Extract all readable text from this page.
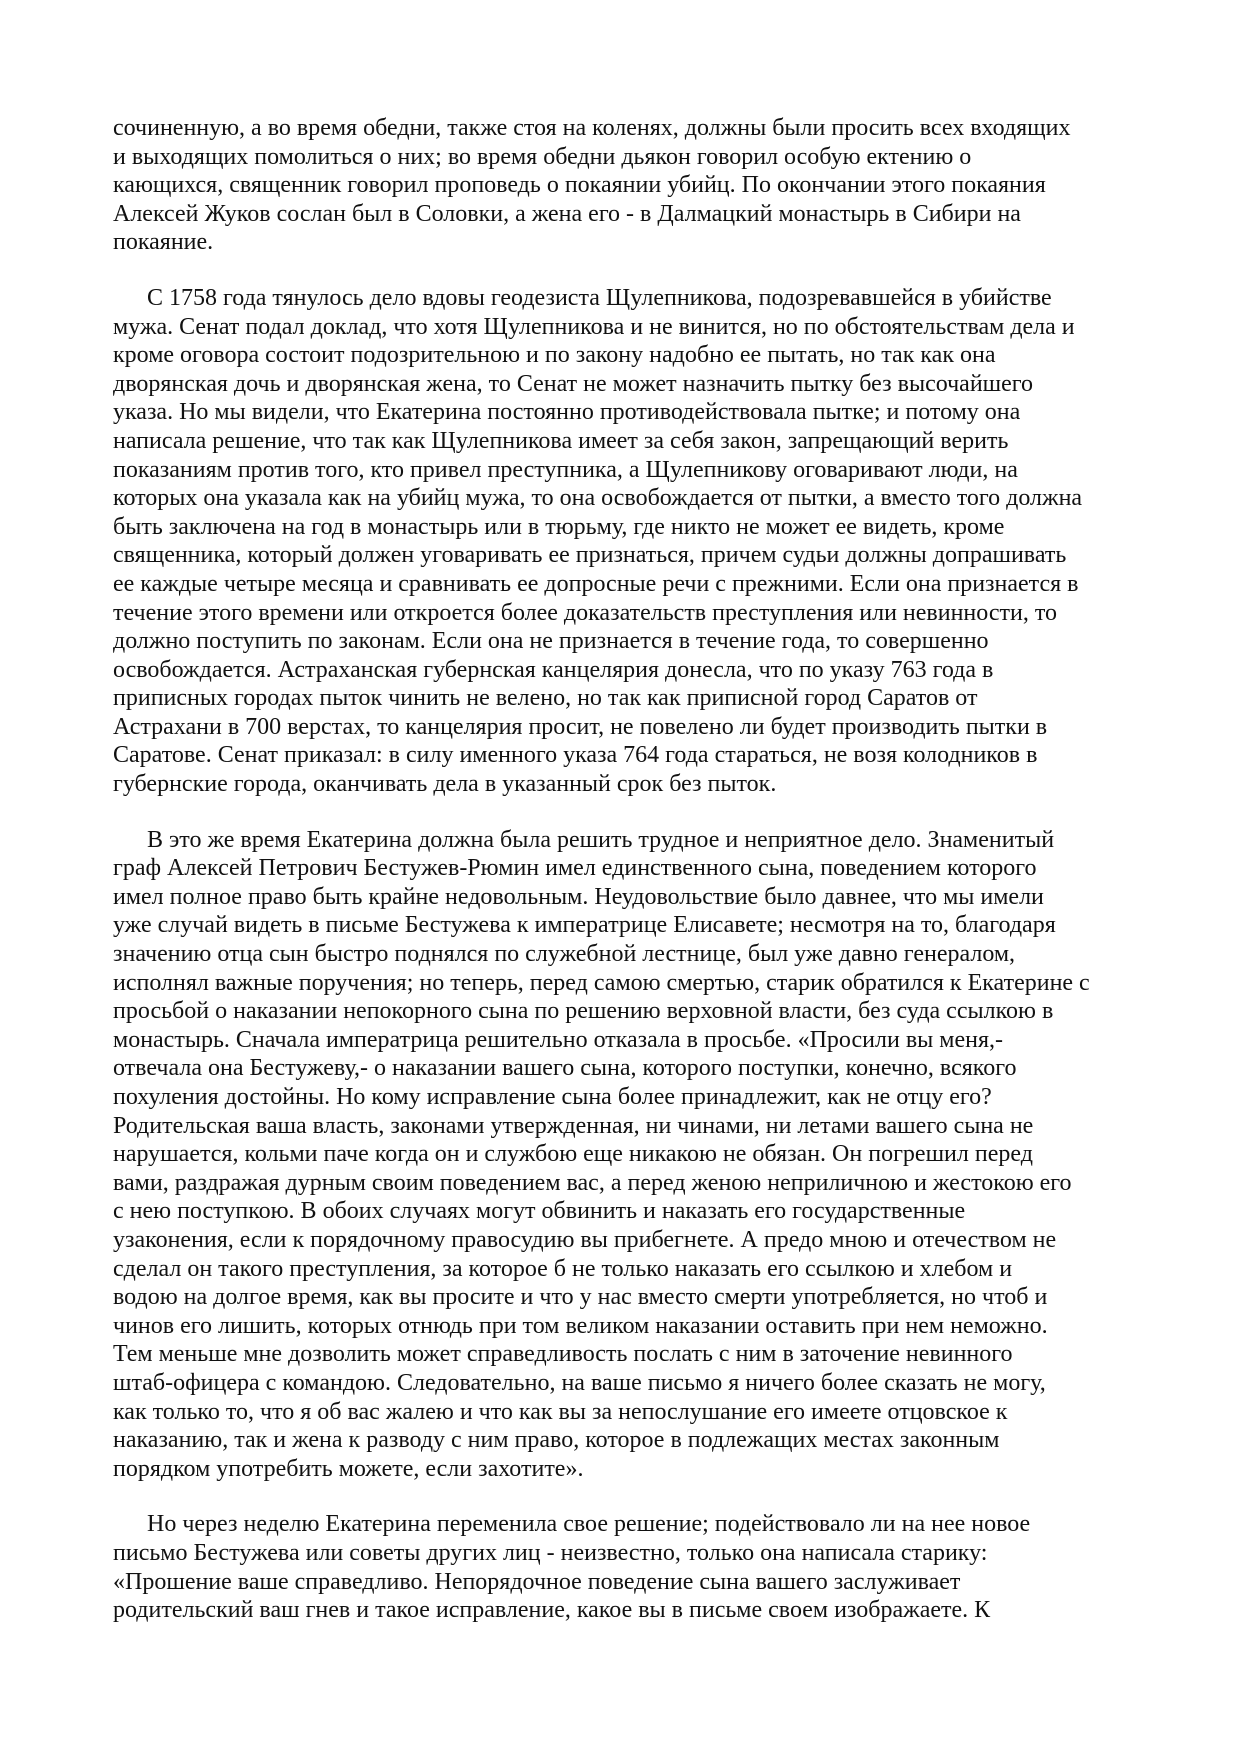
сочиненную, а во время обедни, также стоя на коленях, должны были просить всех входящих
и выходящих помолиться о них; во время обедни дьякон говорил особую ектению о
кающихся, священник говорил проповедь о покаянии убийц. По окончании этого покаяния
Алексей Жуков сослан был в Соловки, а жена его - в Далмацкий монастырь в Сибири на
покаяние.
С 1758 года тянулось дело вдовы геодезиста Щулепникова, подозревавшейся в убийстве
мужа. Сенат подал доклад, что хотя Щулепникова и не винится, но по обстоятельствам дела и
кроме оговора состоит подозрительною и по закону надобно ее пытать, но так как она
дворянская дочь и дворянская жена, то Сенат не может назначить пытку без высочайшего
указа. Но мы видели, что Екатерина постоянно противодействовала пытке; и потому она
написала решение, что так как Щулепникова имеет за себя закон, запрещающий верить
показаниям против того, кто привел преступника, а Щулепникову оговаривают люди, на
которых она указала как на убийц мужа, то она освобождается от пытки, а вместо того должна
быть заключена на год в монастырь или в тюрьму, где никто не может ее видеть, кроме
священника, который должен уговаривать ее признаться, причем судьи должны допрашивать
ее каждые четыре месяца и сравнивать ее допросные речи с прежними. Если она признается в
течение этого времени или откроется более доказательств преступления или невинности, то
должно поступить по законам. Если она не признается в течение года, то совершенно
освобождается. Астраханская губернская канцелярия донесла, что по указу 763 года в
приписных городах пыток чинить не велено, но так как приписной город Саратов от
Астрахани в 700 верстах, то канцелярия просит, не повелено ли будет производить пытки в
Саратове. Сенат приказал: в силу именного указа 764 года стараться, не возя колодников в
губернские города, оканчивать дела в указанный срок без пыток.
В это же время Екатерина должна была решить трудное и неприятное дело. Знаменитый
граф Алексей Петрович Бестужев-Рюмин имел единственного сына, поведением которого
имел полное право быть крайне недовольным. Неудовольствие было давнее, что мы имели
уже случай видеть в письме Бестужева к императрице Елисавете; несмотря на то, благодаря
значению отца сын быстро поднялся по служебной лестнице, был уже давно генералом,
исполнял важные поручения; но теперь, перед самою смертью, старик обратился к Екатерине с
просьбой о наказании непокорного сына по решению верховной власти, без суда ссылкою в
монастырь. Сначала императрица решительно отказала в просьбе. «Просили вы меня,-
отвечала она Бестужеву,- о наказании вашего сына, которого поступки, конечно, всякого
похуления достойны. Но кому исправление сына более принадлежит, как не отцу его?
Родительская ваша власть, законами утвержденная, ни чинами, ни летами вашего сына не
нарушается, кольми паче когда он и службою еще никакою не обязан. Он погрешил перед
вами, раздражая дурным своим поведением вас, а перед женою неприличною и жестокою его
с нею поступкою. В обоих случаях могут обвинить и наказать его государственные
узаконения, если к порядочному правосудию вы прибегнете. А предо мною и отечеством не
сделал он такого преступления, за которое б не только наказать его ссылкою и хлебом и
водою на долгое время, как вы просите и что у нас вместо смерти употребляется, но чтоб и
чинов его лишить, которых отнюдь при том великом наказании оставить при нем неможно.
Тем меньше мне дозволить может справедливость послать с ним в заточение невинного
штаб-офицера с командою. Следовательно, на ваше письмо я ничего более сказать не могу,
как только то, что я об вас жалею и что как вы за непослушание его имеете отцовское к
наказанию, так и жена к разводу с ним право, которое в подлежащих местах законным
порядком употребить можете, если захотите».
Но через неделю Екатерина переменила свое решение; подействовало ли на нее новое
письмо Бестужева или советы других лиц - неизвестно, только она написала старику:
«Прошение ваше справедливо. Непорядочное поведение сына вашего заслуживает
родительский ваш гнев и такое исправление, какое вы в письме своем изображаете. К
